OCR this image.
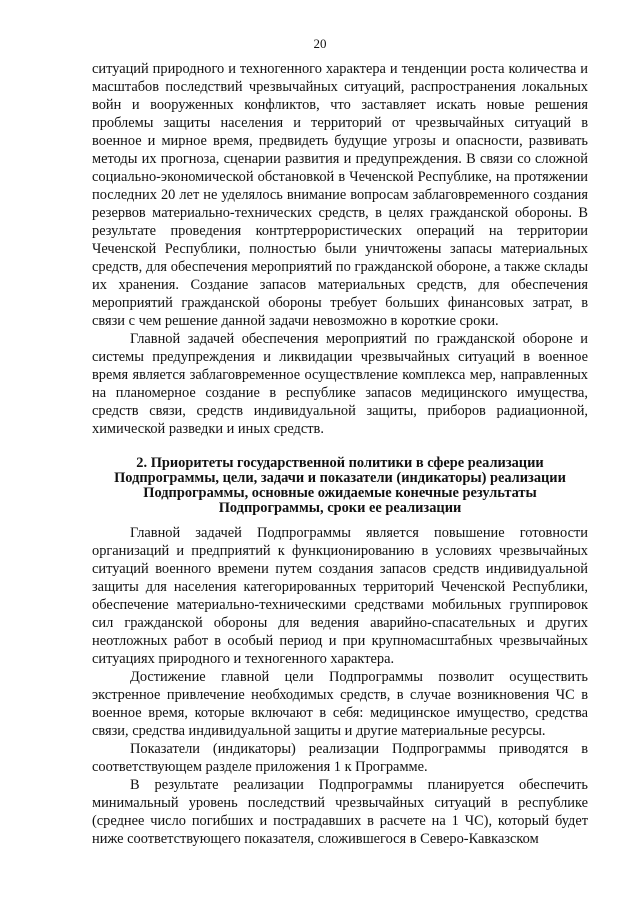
20

ситуаций природного и техногенного характера и тенденции роста количества и масштабов последствий чрезвычайных ситуаций, распространения локальных войн и вооруженных конфликтов, что заставляет искать новые решения проблемы защиты населения и территорий от чрезвычайных ситуаций в военное и мирное время, предвидеть будущие угрозы и опасности, развивать методы их прогноза, сценарии развития и предупреждения. В связи со сложной социально-экономической обстановкой в Чеченской Республике, на протяжении последних 20 лет не уделялось внимание вопросам заблаговременного создания резервов материально-технических средств, в целях гражданской обороны. В результате проведения контртеррористических операций на территории Чеченской Республики, полностью были уничтожены запасы материальных средств, для обеспечения мероприятий по гражданской обороне, а также склады их хранения. Создание запасов материальных средств, для обеспечения мероприятий гражданской обороны требует больших финансовых затрат, в связи с чем решение данной задачи невозможно в короткие сроки.

Главной задачей обеспечения мероприятий по гражданской обороне и системы предупреждения и ликвидации чрезвычайных ситуаций в военное время является заблаговременное осуществление комплекса мер, направленных на планомерное создание в республике запасов медицинского имущества, средств связи, средств индивидуальной защиты, приборов радиационной, химической разведки и иных средств.

2. Приоритеты государственной политики в сфере реализации Подпрограммы, цели, задачи и показатели (индикаторы) реализации Подпрограммы, основные ожидаемые конечные результаты Подпрограммы, сроки ее реализации

Главной задачей Подпрограммы является повышение готовности организаций и предприятий к функционированию в условиях чрезвычайных ситуаций военного времени путем создания запасов средств индивидуальной защиты для населения категорированных территорий Чеченской Республики, обеспечение материально-техническими средствами мобильных группировок сил гражданской обороны для ведения аварийно-спасательных и других неотложных работ в особый период и при крупномасштабных чрезвычайных ситуациях природного и техногенного характера.

Достижение главной цели Подпрограммы позволит осуществить экстренное привлечение необходимых средств, в случае возникновения ЧС в военное время, которые включают в себя: медицинское имущество, средства связи, средства индивидуальной защиты и другие материальные ресурсы.

Показатели (индикаторы) реализации Подпрограммы приводятся в соответствующем разделе приложения 1 к Программе.

В результате реализации Подпрограммы планируется обеспечить минимальный уровень последствий чрезвычайных ситуаций в республике (среднее число погибших и пострадавших в расчете на 1 ЧС), который будет ниже соответствующего показателя, сложившегося в Северо-Кавказском
